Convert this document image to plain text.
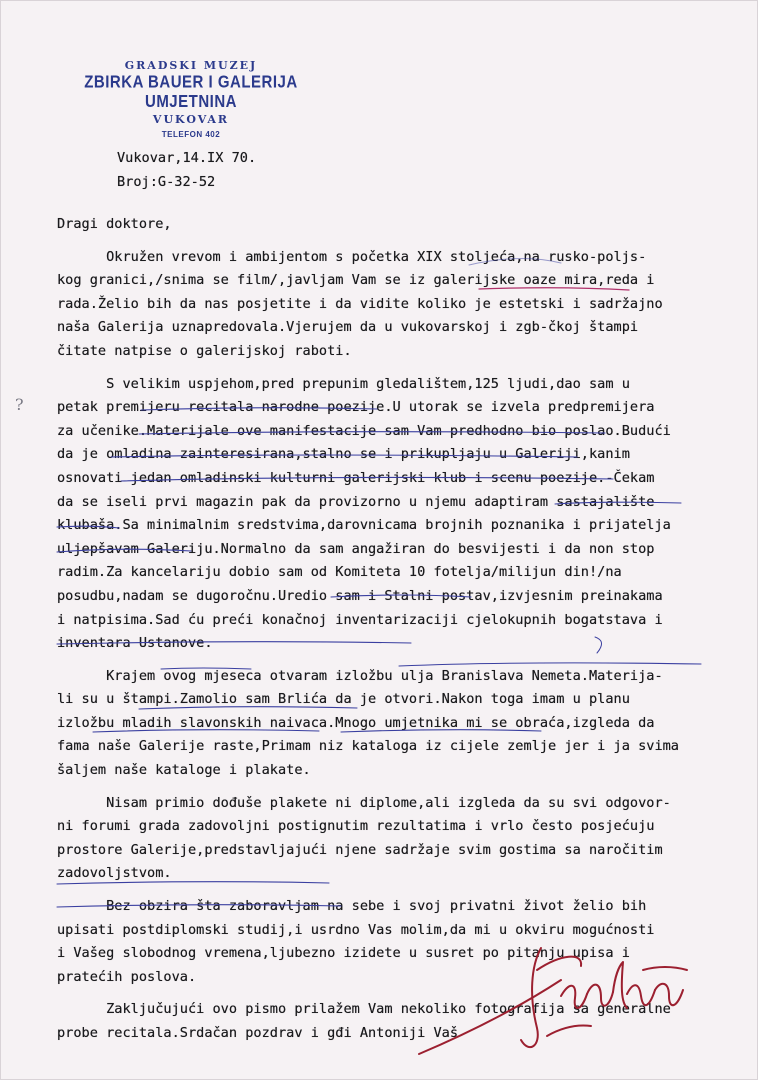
GRADSKI MUZEJ
ZBIRKA BAUER I GALERIJA UMJETNINA
VUKOVAR
TELEFON 402
Vukovar,14.IX 70.
Broj:G-32-52
?
Dragi doktore,
Okružen vrevom i ambijentom s početka XIX stoljeća,na rusko-poljs-
kog granici,/snima se film/,javljam Vam se iz galerijske oaze mira,reda i
rada.Želio bih da nas posjetite i da vidite koliko je estetski i sadržajno
naša Galerija uznapredovala.Vjerujem da u vukovarskoj i zgb-čkoj štampi
čitate natpise o galerijskoj raboti.
S velikim uspjehom,pred prepunim gledalištem,125 ljudi,dao sam u
petak premijeru recitala narodne poezije.U utorak se izvela predpremijera
za učenike.Materijale ove manifestacije sam Vam predhodno bio poslao.Budući
da je omladina zainteresirana,stalno se i prikupljaju u Galeriji,kanim
osnovati jedan omladinski kulturni galerijski klub i scenu poezije.-Čekam
da se iseli prvi magazin pak da provizorno u njemu adaptiram sastajalište
klubaša.Sa minimalnim sredstvima,darovnicama brojnih poznanika i prijatelja
uljepšavam Galeriju.Normalno da sam angažiran do besvijesti i da non stop
radim.Za kancelariju dobio sam od Komiteta 10 fotelja/milijun din!/na
posudbu,nadam se dugoročnu.Uredio sam i Stalni postav,izvjesnim preinakama
i natpisima.Sad ću preći konačnoj inventarizaciji cjelokupnih bogatstava i
inventara Ustanove.
Krajem ovog mjeseca otvaram izložbu ulja Branislava Nemeta.Materija-
li su u štampi.Zamolio sam Brlića da je otvori.Nakon toga imam u planu
izložbu mladih slavonskih naivaca.Mnogo umjetnika mi se obraća,izgleda da
fama naše Galerije raste,Primam niz kataloga iz cijele zemlje jer i ja svima
šaljem naše kataloge i plakate.
Nisam primio dođuše plakete ni diplome,ali izgleda da su svi odgovor-
ni forumi grada zadovoljni postignutim rezultatima i vrlo često posjećuju
prostore Galerije,predstavljajući njene sadržaje svim gostima sa naročitim
zadovoljstvom.
Bez obzira šta zaboravljam na sebe i svoj privatni život želio bih
upisati postdiplomski studij,i usrdno Vas molim,da mi u okviru mogućnosti
i Vašeg slobodnog vremena,ljubezno izidete u susret po pitanju upisa i
pratećih poslova.
Zaključujući ovo pismo prilažem Vam nekoliko fotografija sa generalne
probe recitala.Srdačan pozdrav i gđi Antoniji Vaš
